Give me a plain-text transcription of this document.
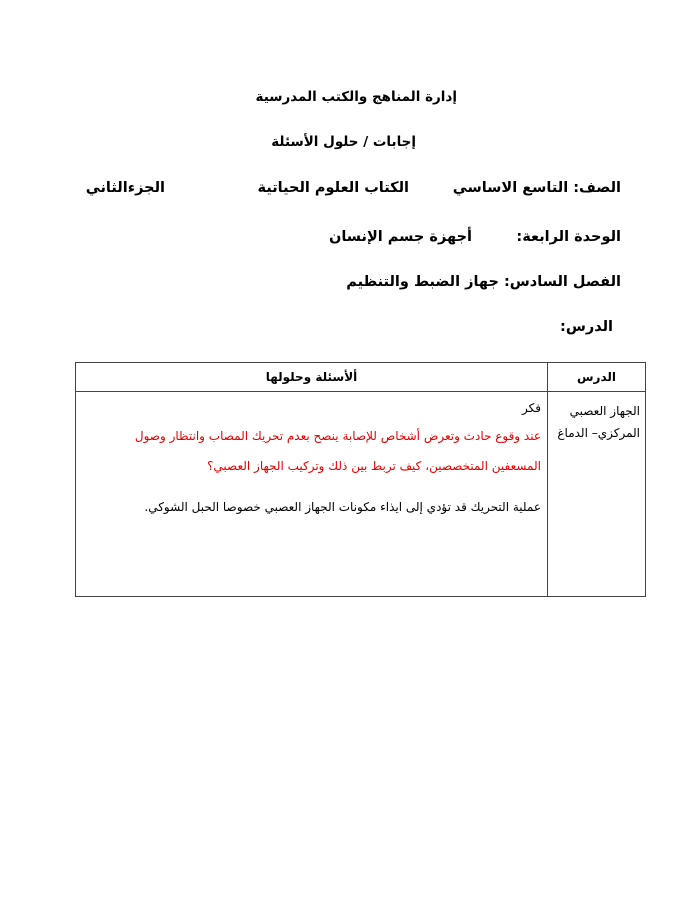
إدارة المناهج والكتب المدرسية
إجابات / حلول الأسئلة
الصف: التاسع الاساسي
الكتاب العلوم الحياتية
الجزءالثاني
الوحدة الرابعة:
أجهزة جسم الإنسان
الفصل السادس: جهاز الضبط والتنظيم
الدرس:
الدرس	ألأسئلة وحلولها
الجهاز العصبي المركزي– الدماغ	فكر
عند وقوع حادث وتعرض أشخاص للإصابة ينصح بعدم تحريك المصاب وانتظار وصول المسعفين المتخصصين، كيف تربط بين ذلك وتركيب الجهاز العصبي؟
عملية التحريك قد تؤدي إلى ايذاء مكونات الجهاز العصبي خصوصا الحبل الشوكي.
